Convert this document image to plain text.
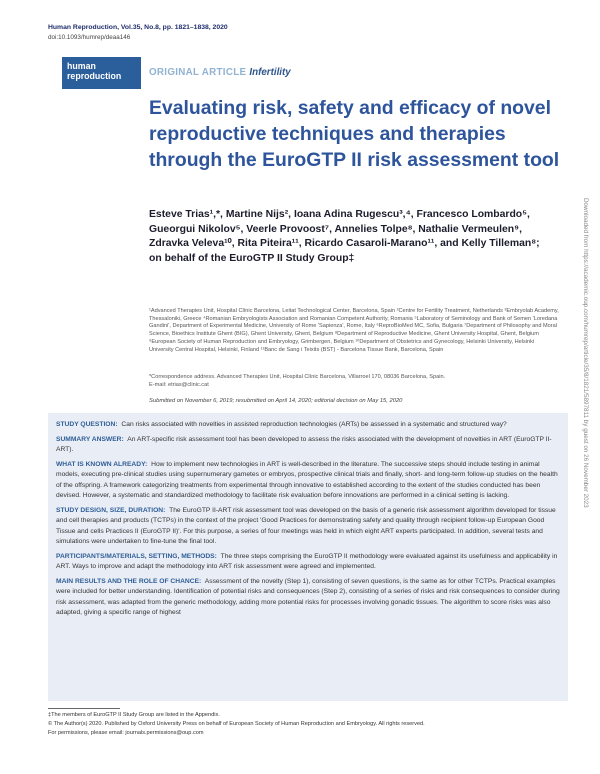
Human Reproduction, Vol.35, No.8, pp. 1821–1838, 2020
doi:10.1093/humrep/deaa146
human
reproduction	ORIGINAL ARTICLE Infertility
Evaluating risk, safety and efficacy of novel reproductive techniques and therapies through the EuroGTP II risk assessment tool
Esteve Trias¹,*, Martine Nijs², Ioana Adina Rugescu³,⁴, Francesco Lombardo⁵, Gueorgui Nikolov⁵, Veerle Provoost⁷, Annelies Tolpe⁸, Nathalie Vermeulen⁹, Zdravka Veleva¹⁰, Rita Piteira¹¹, Ricardo Casaroli-Marano¹¹, and Kelly Tilleman⁸; on behalf of the EuroGTP II Study Group‡
¹Advanced Therapies Unit, Hospital Clínic Barcelona, Leitat Technological Center, Barcelona, Spain ²Centre for Fertility Treatment, Netherlands ³Embryolab Academy, Thessaloniki, Greece ⁴Romanian Embryologists Association and Romanian Competent Authority, Romania ⁵Laboratory of Seminology and Bank of Semen 'Loredana Gandini', Department of Experimental Medicine, University of Rome 'Sapienza', Rome, Italy ⁶ReproBioMed MC, Sofia, Bulgaria ⁷Department of Philosophy and Moral Science, Bioethics Institute Ghent (BIG), Ghent University, Ghent, Belgium ⁸Department of Reproductive Medicine, Ghent University Hospital, Ghent, Belgium ⁹European Society of Human Reproduction and Embryology, Grimbergen, Belgium ¹⁰Department of Obstetrics and Gynecology, Helsinki University, Helsinki University Central Hospital, Helsinki, Finland ¹¹Banc de Sang i Teixits (BST) - Barcelona Tissue Bank, Barcelona, Spain
*Correspondence address. Advanced Therapies Unit, Hospital Clínic Barcelona, Villarroel 170, 08036 Barcelona, Spain.
E-mail: etrias@clinic.cat
Submitted on November 6, 2019; resubmitted on April 14, 2020; editorial decision on May 15, 2020

STUDY QUESTION: Can risks associated with novelties in assisted reproduction technologies (ARTs) be assessed in a systematic and structured way?

SUMMARY ANSWER: An ART-specific risk assessment tool has been developed to assess the risks associated with the development of novelties in ART (EuroGTP II-ART).

WHAT IS KNOWN ALREADY: How to implement new technologies in ART is well-described in the literature. The successive steps should include testing in animal models, executing pre-clinical studies using supernumerary gametes or embryos, prospective clinical trials and finally, short- and long-term follow-up studies on the health of the offspring. A framework categorizing treatments from experimental through innovative to established according to the extent of the studies conducted has been devised. However, a systematic and standardized methodology to facilitate risk evaluation before innovations are performed in a clinical setting is lacking.

STUDY DESIGN, SIZE, DURATION: The EuroGTP II-ART risk assessment tool was developed on the basis of a generic risk assessment algorithm developed for tissue and cell therapies and products (TCTPs) in the context of the project 'Good Practices for demonstrating safety and quality through recipient follow-up European Good Tissue and cells Practices II (EuroGTP II)'. For this purpose, a series of four meetings was held in which eight ART experts participated. In addition, several tests and simulations were undertaken to fine-tune the final tool.

PARTICIPANTS/MATERIALS, SETTING, METHODS: The three steps comprising the EuroGTP II methodology were evaluated against its usefulness and applicability in ART. Ways to improve and adapt the methodology into ART risk assessment were agreed and implemented.

MAIN RESULTS AND THE ROLE OF CHANCE: Assessment of the novelty (Step 1), consisting of seven questions, is the same as for other TCTPs. Practical examples were included for better understanding. Identification of potential risks and consequences (Step 2), consisting of a series of risks and risk consequences to consider during risk assessment, was adapted from the generic methodology, adding more potential risks for processes involving gonadic tissues. The algorithm to score risks was also adapted, giving a specific range of highest

‡The members of EuroGTP II Study Group are listed in the Appendix.
© The Author(s) 2020. Published by Oxford University Press on behalf of European Society of Human Reproduction and Embryology. All rights reserved.
For permissions, please email: journals.permissions@oup.com
Downloaded from https://academic.oup.com/humrep/article/35/8/1821/5897811 by guest on 26 November 2023
